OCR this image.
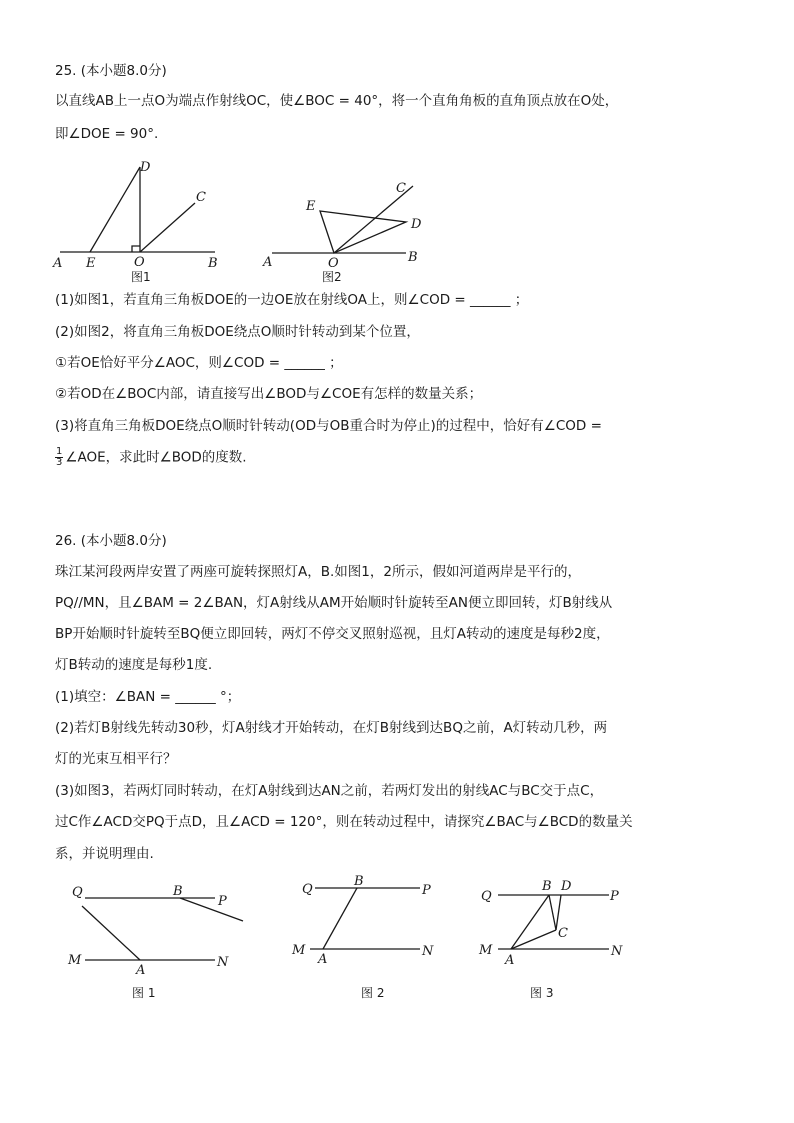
25. (本小题8.0分)
以直线AB上一点O为端点作射线OC，使∠BOC = 40°，将一个直角角板的直角顶点放在O处，
即∠DOE = 90°.
D
C
A E	O	B
图1
C
E
D
A	O	B
图2
(1)如图1，若直角三角板DOE的一边OE放在射线OA上，则∠COD = ______ ；
(2)如图2，将直角三角板DOE绕点O顺时针转动到某个位置，
①若OE恰好平分∠AOC，则∠COD = ______ ；
②若OD在∠BOC内部，请直接写出∠BOD与∠COE有怎样的数量关系；
(3)将直角三角板DOE绕点O顺时针转动(OD与OB重合时为停止)的过程中，恰好有∠COD =
$\frac{1}{3}$ ∠AOE，求此时∠BOD的度数.
26. (本小题8.0分)
珠江某河段两岸安置了两座可旋转探照灯A，B.如图1，2所示，假如河道两岸是平行的，
PQ//MN，且∠BAM = 2∠BAN，灯A射线从AM开始顺时针旋转至AN便立即回转，灯B射线从
BP开始顺时针旋转至BQ便立即回转，两灯不停交叉照射巡视，且灯A转动的速度是每秒2度，
灯B转动的速度是每秒1度.
(1)填空：∠BAN = ______ °；
(2)若灯B射线先转动30秒，灯A射线才开始转动，在灯B射线到达BQ之前，A灯转动几秒，两
灯的光束互相平行？
(3)如图3，若两灯同时转动，在灯A射线到达AN之前，若两灯发出的射线AC与BC交于点C，
过C作∠ACD交PQ于点D，且∠ACD = 120°，则在转动过程中，请探究∠BAC与∠BCD的数量关
系，并说明理由.
Q	B
P
M
A
N
图 1
Q
B
P
M
A
N
图 2
Q
B D
P
C
M
A
N
图 3
